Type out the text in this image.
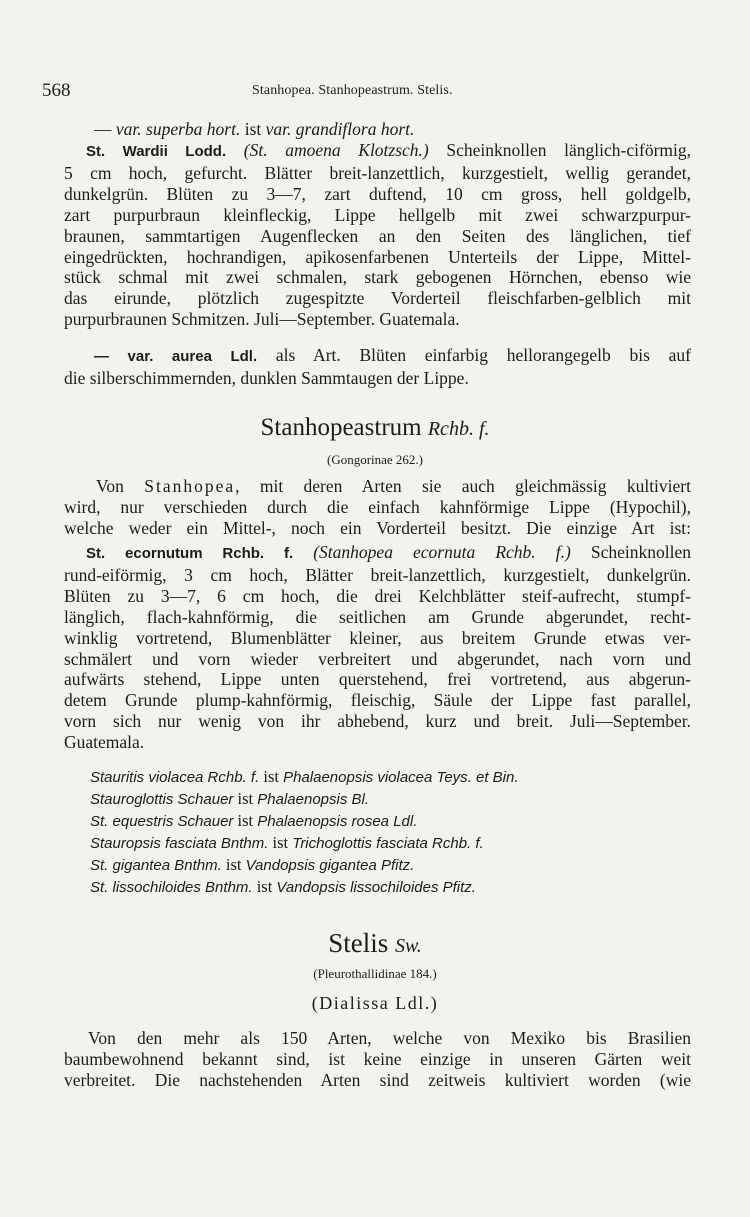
568	Stanhopea. Stanhopeastrum. Stelis.

— var. superba hort. ist var. grandiflora hort.

St. Wardii Lodd. (St. amoena Klotzsch.) Scheinknollen länglich-ciförmig,
5 cm hoch, gefurcht. Blätter breit-lanzettlich, kurzgestielt, wellig gerandet,
dunkelgrün. Blüten zu 3—7, zart duftend, 10 cm gross, hell goldgelb,
zart purpurbraun kleinfleckig, Lippe hellgelb mit zwei schwarzpurpur-
braunen, sammtartigen Augenflecken an den Seiten des länglichen, tief
eingedrückten, hochrandigen, apikosenfarbenen Unterteils der Lippe, Mittel-
stück schmal mit zwei schmalen, stark gebogenen Hörnchen, ebenso wie
das eirunde, plötzlich zugespitzte Vorderteil fleischfarben-gelblich mit
purpurbraunen Schmitzen. Juli—September. Guatemala.

— var. aurea Ldl. als Art. Blüten einfarbig hellorangegelb bis auf
die silberschimmernden, dunklen Sammtaugen der Lippe.

Stanhopeastrum Rchb. f.
(Gongorinae 262.)

Von Stanhopea, mit deren Arten sie auch gleichmässig kultiviert
wird, nur verschieden durch die einfach kahnförmige Lippe (Hypochil),
welche weder ein Mittel-, noch ein Vorderteil besitzt. Die einzige Art ist:

St. ecornutum Rchb. f. (Stanhopea ecornuta Rchb. f.) Scheinknollen
rund-eiförmig, 3 cm hoch, Blätter breit-lanzettlich, kurzgestielt, dunkelgrün.
Blüten zu 3—7, 6 cm hoch, die drei Kelchblätter steif-aufrecht, stumpf-
länglich, flach-kahnförmig, die seitlichen am Grunde abgerundet, recht-
winklig vortretend, Blumenblätter kleiner, aus breitem Grunde etwas ver-
schmälert und vorn wieder verbreitert und abgerundet, nach vorn und
aufwärts stehend, Lippe unten querstehend, frei vortretend, aus abgerun-
detem Grunde plump-kahnförmig, fleischig, Säule der Lippe fast parallel,
vorn sich nur wenig von ihr abhebend, kurz und breit. Juli—September.
Guatemala.

Stauritis violacea Rchb. f. ist Phalaenopsis violacea Teys. et Bin.
Stauroglottis Schauer ist Phalaenopsis Bl.
St. equestris Schauer ist Phalaenopsis rosea Ldl.
Stauropsis fasciata Bnthm. ist Trichoglottis fasciata Rchb. f.
St. gigantea Bnthm. ist Vandopsis gigantea Pfitz.
St. lissochiloides Bnthm. ist Vandopsis lissochiloides Pfitz.
Stelis Sw.
(Pleurothallidinae 184.)
(Dialissa Ldl.)

Von den mehr als 150 Arten, welche von Mexiko bis Brasilien
baumbewohnend bekannt sind, ist keine einzige in unseren Gärten weit
verbreitet. Die nachstehenden Arten sind zeitweis kultiviert worden (wie
